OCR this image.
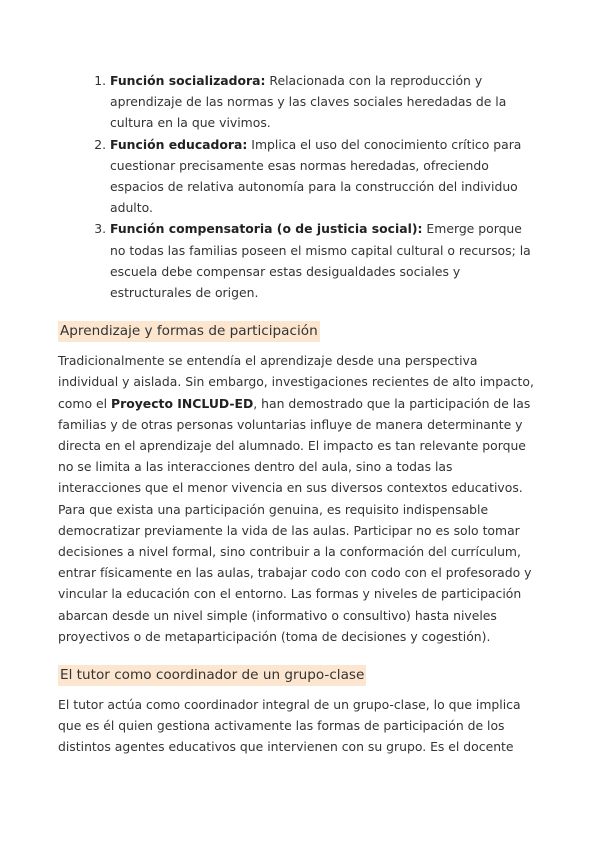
1. Función socializadora: Relacionada con la reproducción y aprendizaje de las normas y las claves sociales heredadas de la cultura en la que vivimos.
2. Función educadora: Implica el uso del conocimiento crítico para cuestionar precisamente esas normas heredadas, ofreciendo espacios de relativa autonomía para la construcción del individuo adulto.
3. Función compensatoria (o de justicia social): Emerge porque no todas las familias poseen el mismo capital cultural o recursos; la escuela debe compensar estas desigualdades sociales y estructurales de origen.
Aprendizaje y formas de participación

Tradicionalmente se entendía el aprendizaje desde una perspectiva individual y aislada. Sin embargo, investigaciones recientes de alto impacto, como el Proyecto INCLUD-ED, han demostrado que la participación de las familias y de otras personas voluntarias influye de manera determinante y directa en el aprendizaje del alumnado. El impacto es tan relevante porque no se limita a las interacciones dentro del aula, sino a todas las interacciones que el menor vivencia en sus diversos contextos educativos.

Para que exista una participación genuina, es requisito indispensable democratizar previamente la vida de las aulas. Participar no es solo tomar decisiones a nivel formal, sino contribuir a la conformación del currículum, entrar físicamente en las aulas, trabajar codo con codo con el profesorado y vincular la educación con el entorno. Las formas y niveles de participación abarcan desde un nivel simple (informativo o consultivo) hasta niveles proyectivos o de metaparticipación (toma de decisiones y cogestión).

El tutor como coordinador de un grupo-clase

El tutor actúa como coordinador integral de un grupo-clase, lo que implica que es él quien gestiona activamente las formas de participación de los distintos agentes educativos que intervienen con su grupo. Es el docente
